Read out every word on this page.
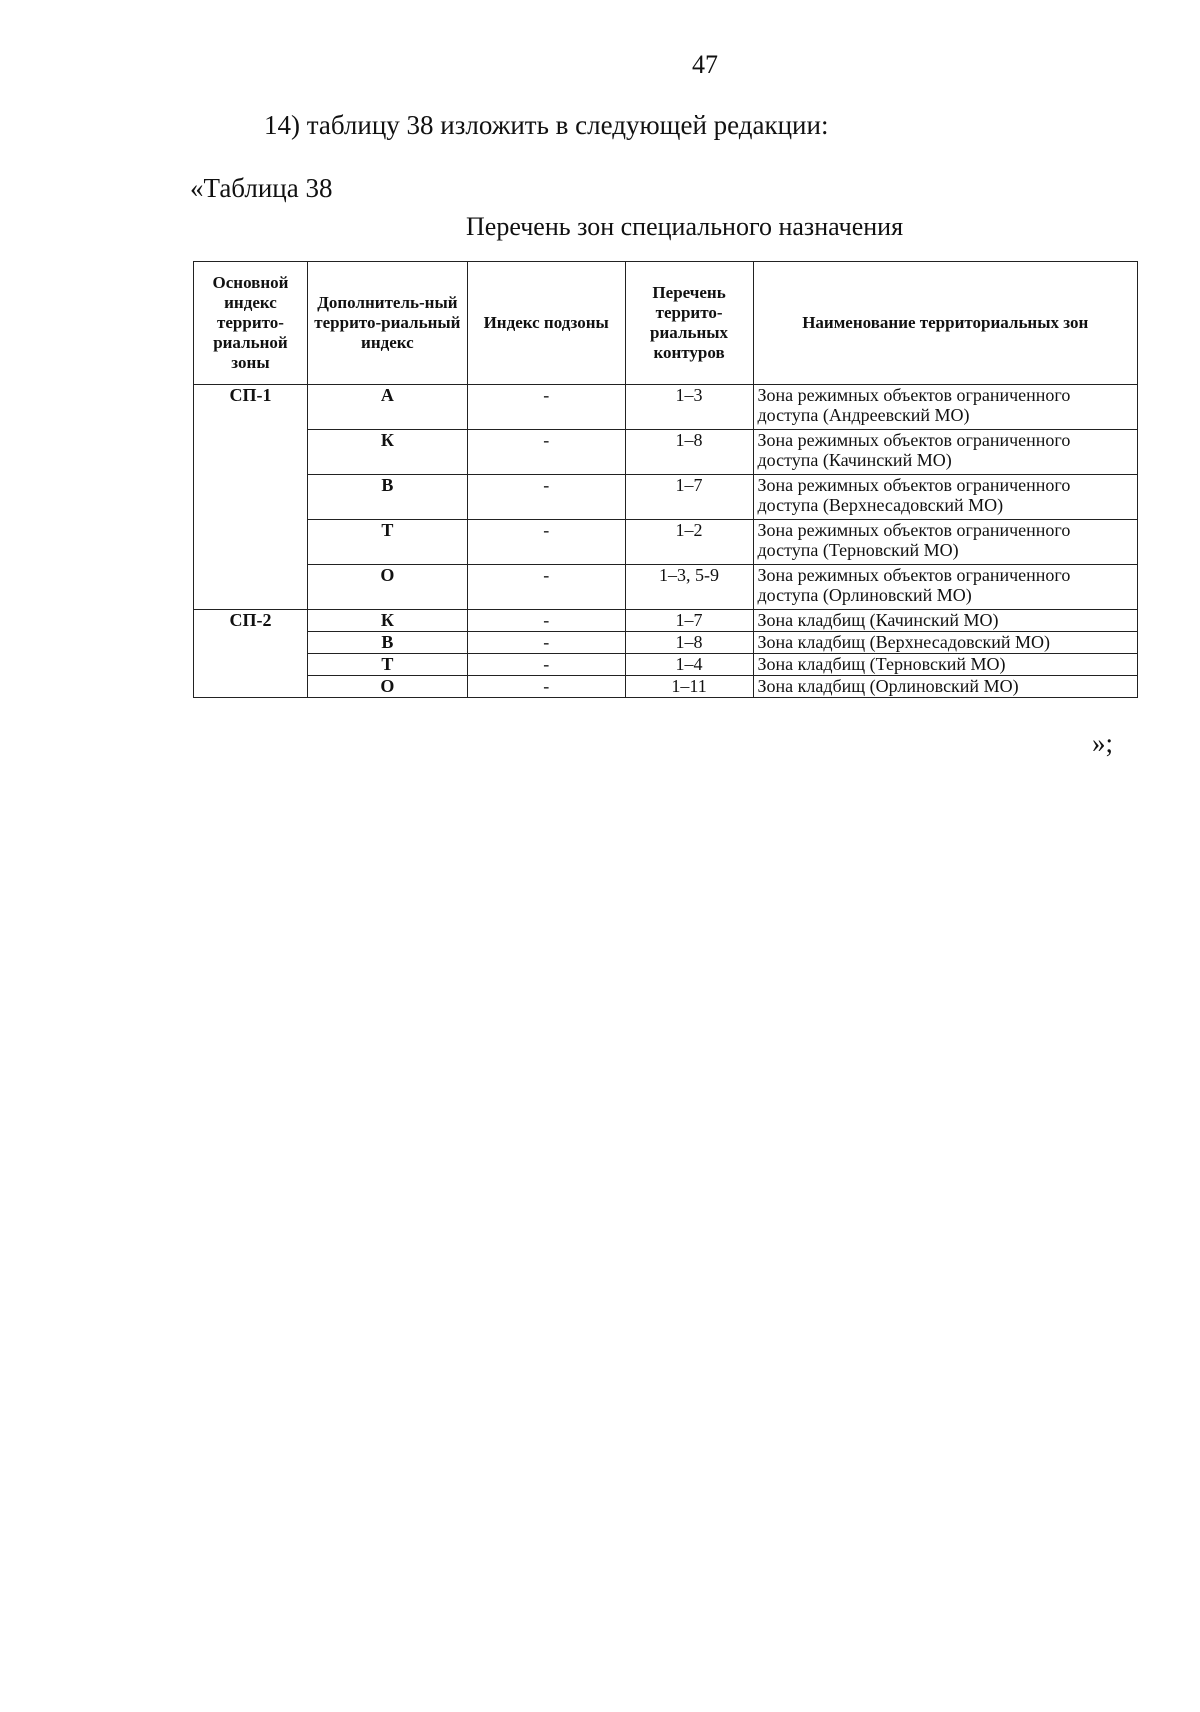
47
14) таблицу 38 изложить в следующей редакции:
«Таблица 38
Перечень зон специального назначения
Основной индекс террито-риальной зоны	Дополнитель-ный террито-риальный индекс	Индекс подзоны	Перечень террито-риальных контуров	Наименование территориальных зон
СП-1	А	-	1–3	Зона режимных объектов ограниченного доступа (Андреевский МО)
	К	-	1–8	Зона режимных объектов ограниченного доступа (Качинский МО)
	В	-	1–7	Зона режимных объектов ограниченного доступа (Верхнесадовский МО)
	Т	-	1–2	Зона режимных объектов ограниченного доступа (Терновский МО)
	О	-	1–3, 5-9	Зона режимных объектов ограниченного доступа (Орлиновский МО)
СП-2	К	-	1–7	Зона кладбищ (Качинский МО)
	В	-	1–8	Зона кладбищ (Верхнесадовский МО)
	Т	-	1–4	Зона кладбищ (Терновский МО)
	О	-	1–11	Зона кладбищ (Орлиновский МО)
»;
